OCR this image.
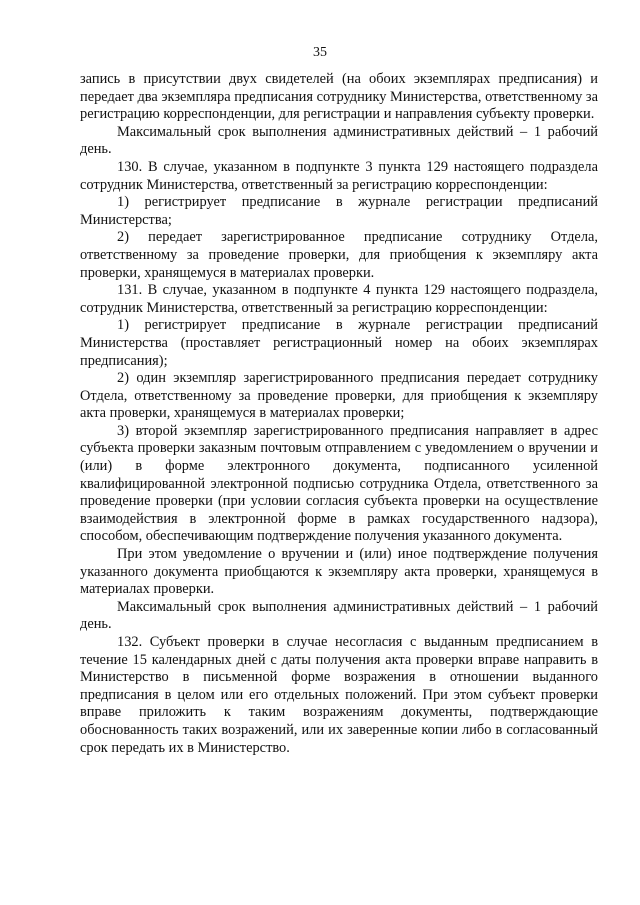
35

запись в присутствии двух свидетелей (на обоих экземплярах предписания) и передает два экземпляра предписания сотруднику Министерства, ответственному за регистрацию корреспонденции, для регистрации и направления субъекту проверки.

Максимальный срок выполнения административных действий – 1 рабочий день.

130. В случае, указанном в подпункте 3 пункта 129 настоящего подраздела сотрудник Министерства, ответственный за регистрацию корреспонденции:

1) регистрирует предписание в журнале регистрации предписаний Министерства;

2) передает зарегистрированное предписание сотруднику Отдела, ответственному за проведение проверки, для приобщения к экземпляру акта проверки, хранящемуся в материалах проверки.

131. В случае, указанном в подпункте 4 пункта 129 настоящего подраздела, сотрудник Министерства, ответственный за регистрацию корреспонденции:

1) регистрирует предписание в журнале регистрации предписаний Министерства (проставляет регистрационный номер на обоих экземплярах предписания);

2) один экземпляр зарегистрированного предписания передает сотруднику Отдела, ответственному за проведение проверки, для приобщения к экземпляру акта проверки, хранящемуся в материалах проверки;

3) второй экземпляр зарегистрированного предписания направляет в адрес субъекта проверки заказным почтовым отправлением с уведомлением о вручении и (или) в форме электронного документа, подписанного усиленной квалифицированной электронной подписью сотрудника Отдела, ответственного за проведение проверки (при условии согласия субъекта проверки на осуществление взаимодействия в электронной форме в рамках государственного надзора), способом, обеспечивающим подтверждение получения указанного документа.

При этом уведомление о вручении и (или) иное подтверждение получения указанного документа приобщаются к экземпляру акта проверки, хранящемуся в материалах проверки.

Максимальный срок выполнения административных действий – 1 рабочий день.

132. Субъект проверки в случае несогласия с выданным предписанием в течение 15 календарных дней с даты получения акта проверки вправе направить в Министерство в письменной форме возражения в отношении выданного предписания в целом или его отдельных положений. При этом субъект проверки вправе приложить к таким возражениям документы, подтверждающие обоснованность таких возражений, или их заверенные копии либо в согласованный срок передать их в Министерство.
